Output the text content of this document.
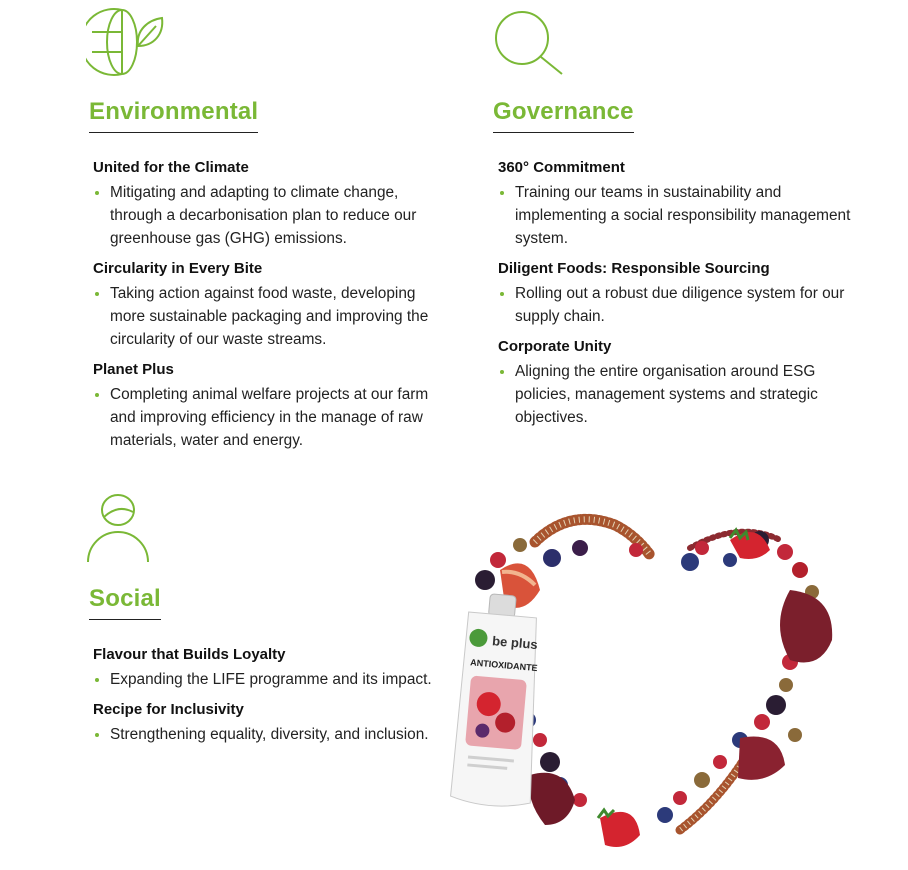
Environmental
United for the Climate
Mitigating and adapting to climate change, through a decarbonisation plan to reduce our greenhouse gas (GHG) emissions.
Circularity in Every Bite
Taking action against food waste, developing more sustainable packaging and improving the circularity of our waste streams.
Planet Plus
Completing animal welfare projects at our farm and improving efficiency in the manage of raw materials, water and energy.
Governance
360° Commitment
Training our teams in sustainability and implementing a social responsibility management system.
Diligent Foods: Responsible Sourcing
Rolling out a robust due diligence system for our supply chain.
Corporate Unity
Aligning the entire organisation around ESG policies, management systems and strategic objectives.
Social
Flavour that Builds Loyalty
Expanding the LIFE programme and its impact.
Recipe for Inclusivity
Strengthening equality, diversity, and inclusion.
be plus
ANTIOXIDANTE
